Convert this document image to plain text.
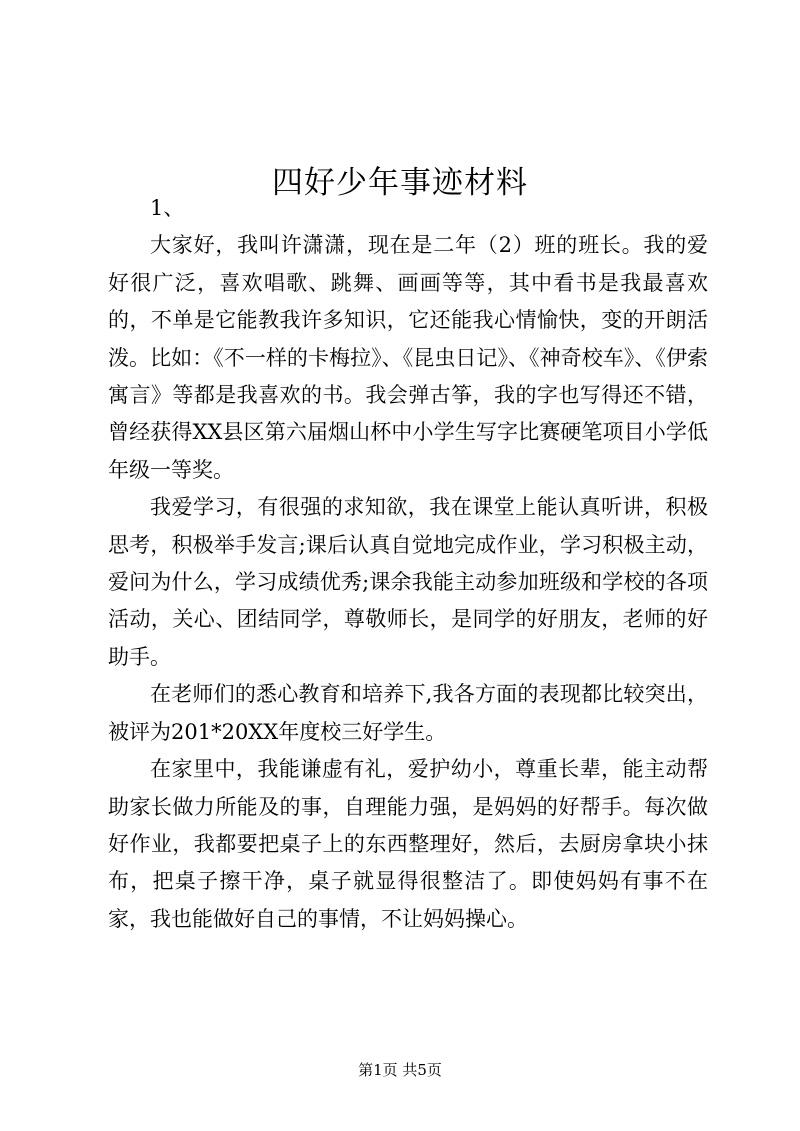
四好少年事迹材料

1、

大家好，我叫许潇潇，现在是二年（2）班的班长。我的爱好很广泛，喜欢唱歌、跳舞、画画等等，其中看书是我最喜欢的，不单是它能教我许多知识，它还能我心情愉快，变的开朗活泼。比如：《不一样的卡梅拉》、《昆虫日记》、《神奇校车》、《伊索寓言》等都是我喜欢的书。我会弹古筝，我的字也写得还不错，曾经获得XX县区第六届烟山杯中小学生写字比赛硬笔项目小学低年级一等奖。

我爱学习，有很强的求知欲，我在课堂上能认真听讲，积极思考，积极举手发言;课后认真自觉地完成作业，学习积极主动，爱问为什么，学习成绩优秀;课余我能主动参加班级和学校的各项活动，关心、团结同学，尊敬师长，是同学的好朋友，老师的好助手。

在老师们的悉心教育和培养下,我各方面的表现都比较突出，被评为201*20XX年度校三好学生。

在家里中，我能谦虚有礼，爱护幼小，尊重长辈，能主动帮助家长做力所能及的事，自理能力强，是妈妈的好帮手。每次做好作业，我都要把桌子上的东西整理好，然后，去厨房拿块小抹布，把桌子擦干净，桌子就显得很整洁了。即使妈妈有事不在家，我也能做好自己的事情，不让妈妈操心。

第1页 共5页
